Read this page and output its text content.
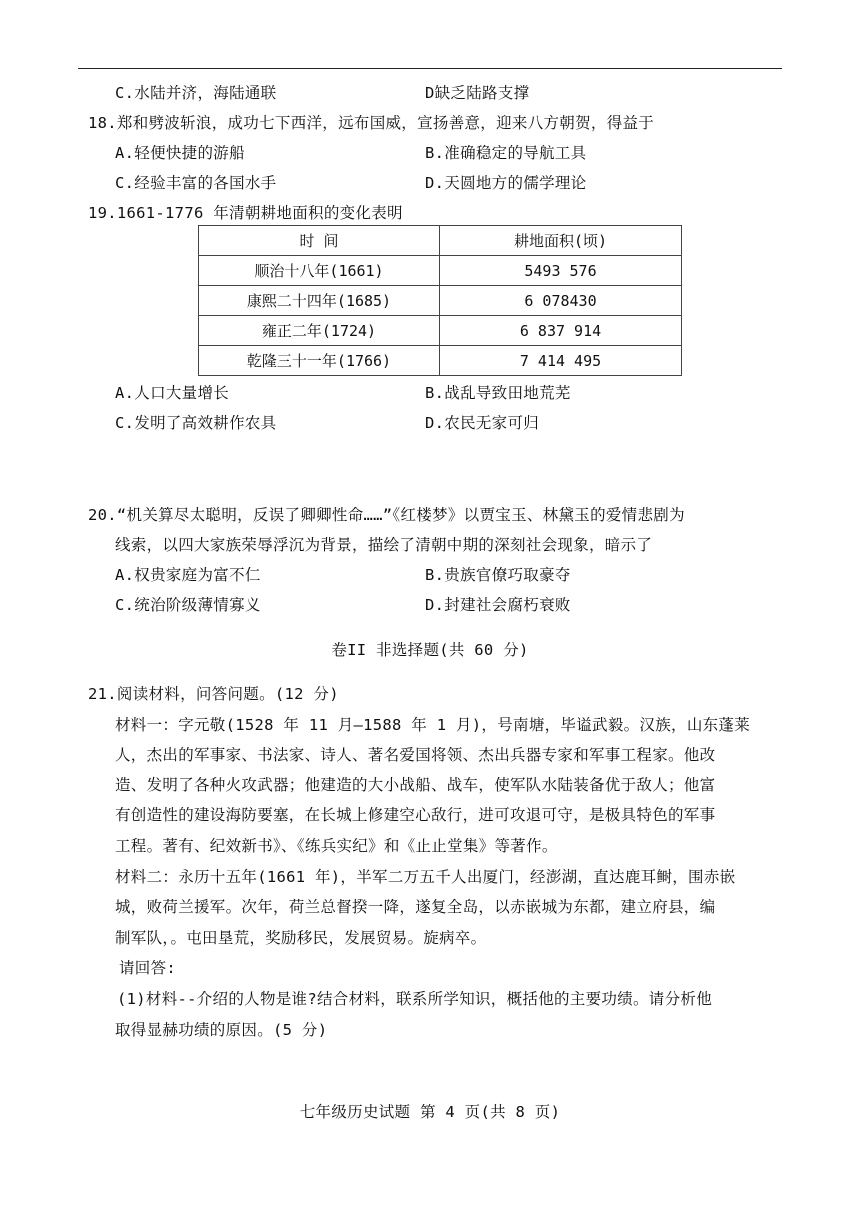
C.水陆并济，海陆通联	D缺乏陆路支撑
18.郑和劈波斩浪，成功七下西洋，远布国威，宣扬善意，迎来八方朝贺，得益于
A.轻便快捷的游船	B.准确稳定的导航工具
C.经验丰富的各国水手	D.天圆地方的儒学理论
19.1661-1776 年清朝耕地面积的变化表明
时 间	耕地面积(顷)
顺治十八年(1661)	5493 576
康熙二十四年(1685)	6 078430
雍正二年(1724)	6 837 914
乾隆三十一年(1766)	7 414 495
A.人口大量增长	B.战乱导致田地荒芜
C.发明了高效耕作农具	D.农民无家可归
20.“机关算尽太聪明，反误了卿卿性命……”《红楼梦》以贾宝玉、林黛玉的爱情悲剧为
线索，以四大家族荣辱浮沉为背景，描绘了清朝中期的深刻社会现象，暗示了
A.权贵家庭为富不仁	B.贵族官僚巧取豪夺
C.统治阶级薄情寡义	D.封建社会腐朽衰败
卷II 非选择题(共 60 分)
21.阅读材料，问答问题。(12 分)
材料一：字元敬(1528 年 11 月—1588 年 1 月)，号南塘，毕谥武毅。汉族，山东蓬莱
人，杰出的军事家、书法家、诗人、著名爱国将领、杰出兵器专家和军事工程家。他改
造、发明了各种火攻武器；他建造的大小战船、战车，使军队水陆装备优于敌人；他富
有创造性的建设海防要塞，在长城上修建空心敌行，进可攻退可守，是极具特色的军事
工程。著有、纪效新书》、《练兵实纪》和《止止堂集》等著作。
材料二：永历十五年(1661 年)，半军二万五千人出厦门，经澎湖，直达鹿耳鲥，围赤嵌
城，败荷兰援军。次年，荷兰总督揆一降，遂复全岛，以赤嵌城为东都，建立府县，编
制军队，。屯田垦荒，奖励移民，发展贸易。旋病卒。
请回答:
(1)材料--介绍的人物是谁?结合材料，联系所学知识，概括他的主要功绩。请分析他
取得显赫功绩的原因。(5 分)
七年级历史试题 第 4 页(共 8 页)
